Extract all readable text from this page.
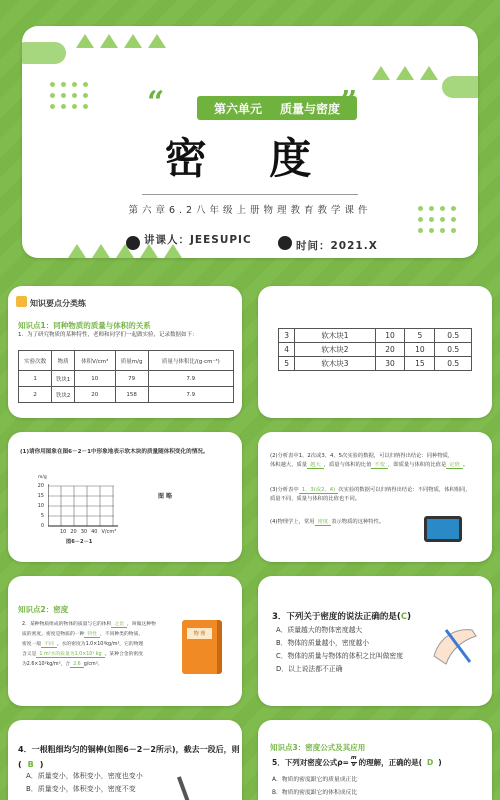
“	第六单元 质量与密度 ”
密 度
第六章6.2八年级上册物理教育教学课件
讲课人：JEESUPIC	时间：2021.X
知识要点分类练
知识点1：同种物质的质量与体积的关系
1．为了研究物质的某种特性，老师和同学们一起做实验，记录数据如下：
实验次数	物质	体积V/cm³	质量m/g	质量与体积比/(g·cm⁻³)
1	铁块1	10	79	7.9
2	铁块2	20	158	7.9
3	软木块1	10	5	0.5
4	软木块2	20	10	0.5
5	软木块3	30	15	0.5
(1)请你用图象在图6－2－1中形象地表示软木块的质量随体积变化的情况。
m/g
20
15
10
5
0
10 20 30 40 V/cm³
图6－2－1
图 略
(2)分析表中1、2次或3、4、5次实验的数据，可以归纳得出结论：同种物质，
体积越大，质量 越大 ，质量与体积的比值 不变 ，即质量与体积的比值是 定值 。
(3)分析表中 1、3(或2、4) 次实验的数据可以归纳得出结论：不同物质，体积相同，
质量不同，质量与体积的比值也不同。
(4)物理学上，常用 密度 表示物质的这种特性。
知识点2：密度
2．某种物质组成的物体的质量与它的体积 之比 ，叫做这种物
质的密度。密度是物质的一种 特性 ，不同种类的物质，
密度一般 不同 。水的密度为1.0×10³kg/m³，它的物理
含义是 1 m³水的质量为1.0×10³ kg 。某种合金的密度
为2.6×10³kg/m³，合 2.6 g/cm³。
物 理
3．下列关于密度的说法正确的是(C)
A．质量越大的物体密度越大
B．物体的质量越小，密度越小
C．物体的质量与物体的体积之比叫做密度
D．以上说法都不正确
4．一根粗细均匀的铜棒(如图6－2－2所示)，截去一段后，则
( B )
A．质量变小，体积变小，密度也变小
B．质量变小，体积变小，密度不变
知识点3：密度公式及其应用
5．下列对密度公式$\rho= \frac{m}{V}$ 的理解，正确的是( D )
A．物质的密度跟它的质量成正比
B．物质的密度跟它的体积成反比
